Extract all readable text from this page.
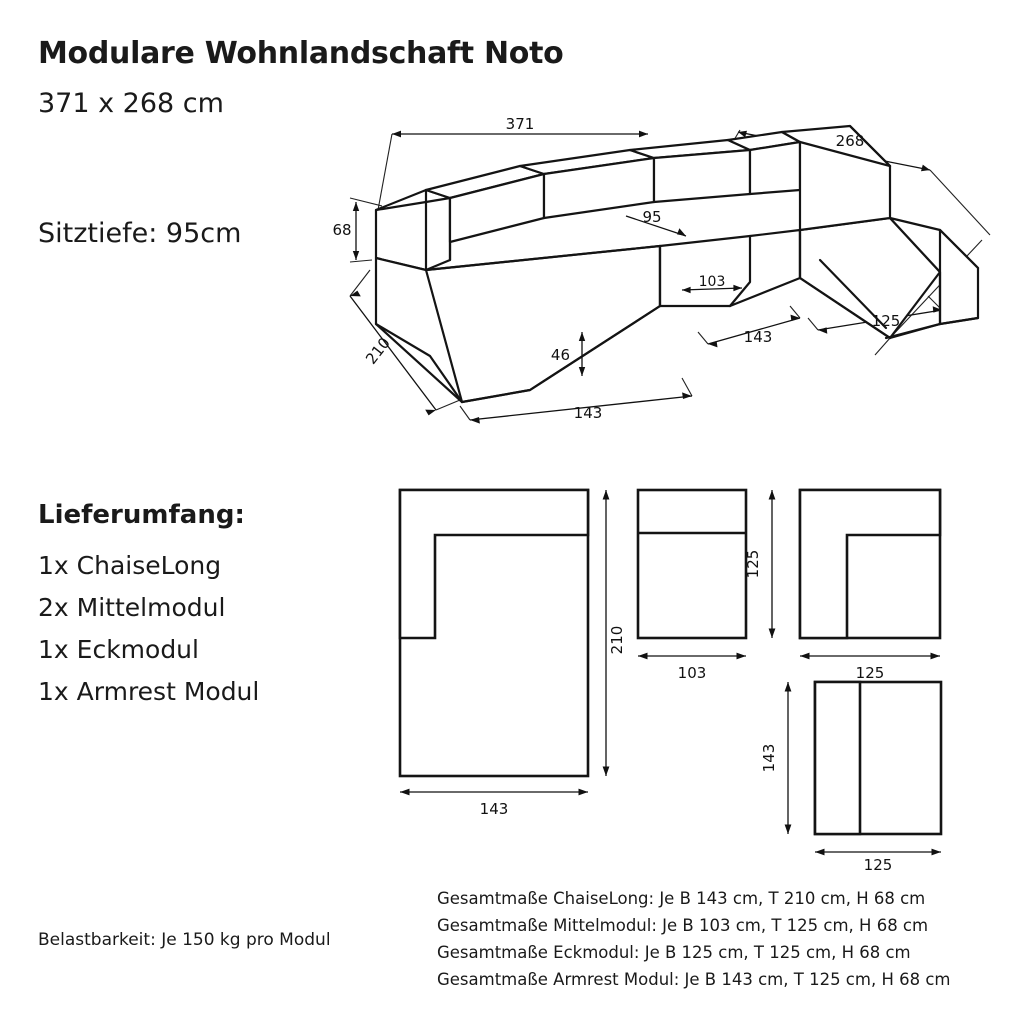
Modulare Wohnlandschaft Noto
371 x 268 cm
Sitztiefe: 95cm
Lieferumfang:
1x ChaiseLong
2x Mittelmodul
1x Eckmodul
1x Armrest Modul
Belastbarkeit: Je 150 kg pro Modul
Gesamtmaße ChaiseLong: Je B 143 cm, T 210 cm, H 68 cm
Gesamtmaße Mittelmodul: Je B 103 cm, T 125 cm, H 68 cm
Gesamtmaße Eckmodul: Je B 125 cm, T 125 cm, H 68 cm
Gesamtmaße Armrest Modul: Je B 143 cm, T 125 cm, H 68 cm
371
268
68
95
103
46
210
143
143
125
210
143
103
125
125
143
125
